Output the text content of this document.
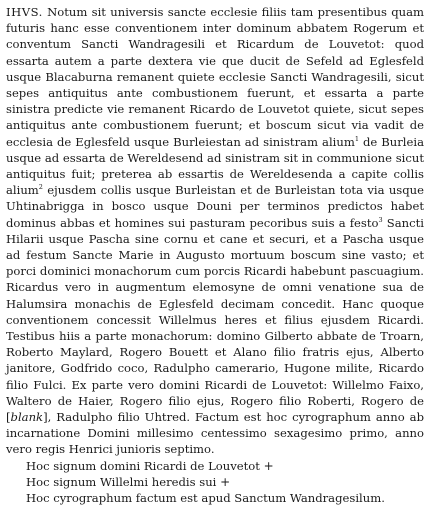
IHVS. Notum sit universis sancte ecclesie filiis tam presentibus quam futuris hanc esse conventionem inter dominum abbatem Rogerum et conventum Sancti Wandragesili et Ricardum de Louvetot: quod essarta autem a parte dextera vie que ducit de Sefeld ad Eglesfeld usque Blacaburna remanent quiete ecclesie Sancti Wandragesili, sicut sepes antiquitus ante combustionem fuerunt, et essarta a parte sinistra predicte vie remanent Ricardo de Louvetot quiete, sicut sepes antiquitus ante combustionem fuerunt; et boscum sicut via vadit de ecclesia de Eglesfeld usque Burleiestan ad sinistram alium$^1$ de Burleia usque ad essarta de Wereldesend ad sinistram sit in communione sicut antiquitus fuit; preterea ab essartis de Wereldesenda a capite collis alium$^2$ ejusdem collis usque Burleistan et de Burleistan tota via usque Uhtinabrigga in bosco usque Douni per terminos predictos habet dominus abbas et homines sui pasturam pecoribus suis a festo$^3$ Sancti Hilarii usque Pascha sine cornu et cane et securi, et a Pascha usque ad festum Sancte Marie in Augusto mortuum boscum sine vasto; et porci dominici monachorum cum porcis Ricardi habebunt pascuagium. Ricardus vero in augmentum elemosyne de omni venatione sua de Halumsira monachis de Eglesfeld decimam concedit. Hanc quoque conventionem concessit Willelmus heres et filius ejusdem Ricardi. Testibus hiis a parte monachorum: domino Gilberto abbate de Troarn, Roberto Maylard, Rogero Bouett et Alano filio fratris ejus, Alberto janitore, Godfrido coco, Radulpho camerario, Hugone milite, Ricardo filio Fulci. Ex parte vero domini Ricardi de Louvetot: Willelmo Faixo, Waltero de Haier, Rogero filio ejus, Rogero filio Roberti, Rogero de [blank], Radulpho filio Uhtred. Factum est hoc cyrographum anno ab incarnatione Domini millesimo centessimo sexagesimo primo, anno vero regis Henrici junioris septimo.

Hoc signum domini Ricardi de Louvetot +
Hoc signum Willelmi heredis sui +
Hoc cyrographum factum est apud Sanctum Wandragesilum.
